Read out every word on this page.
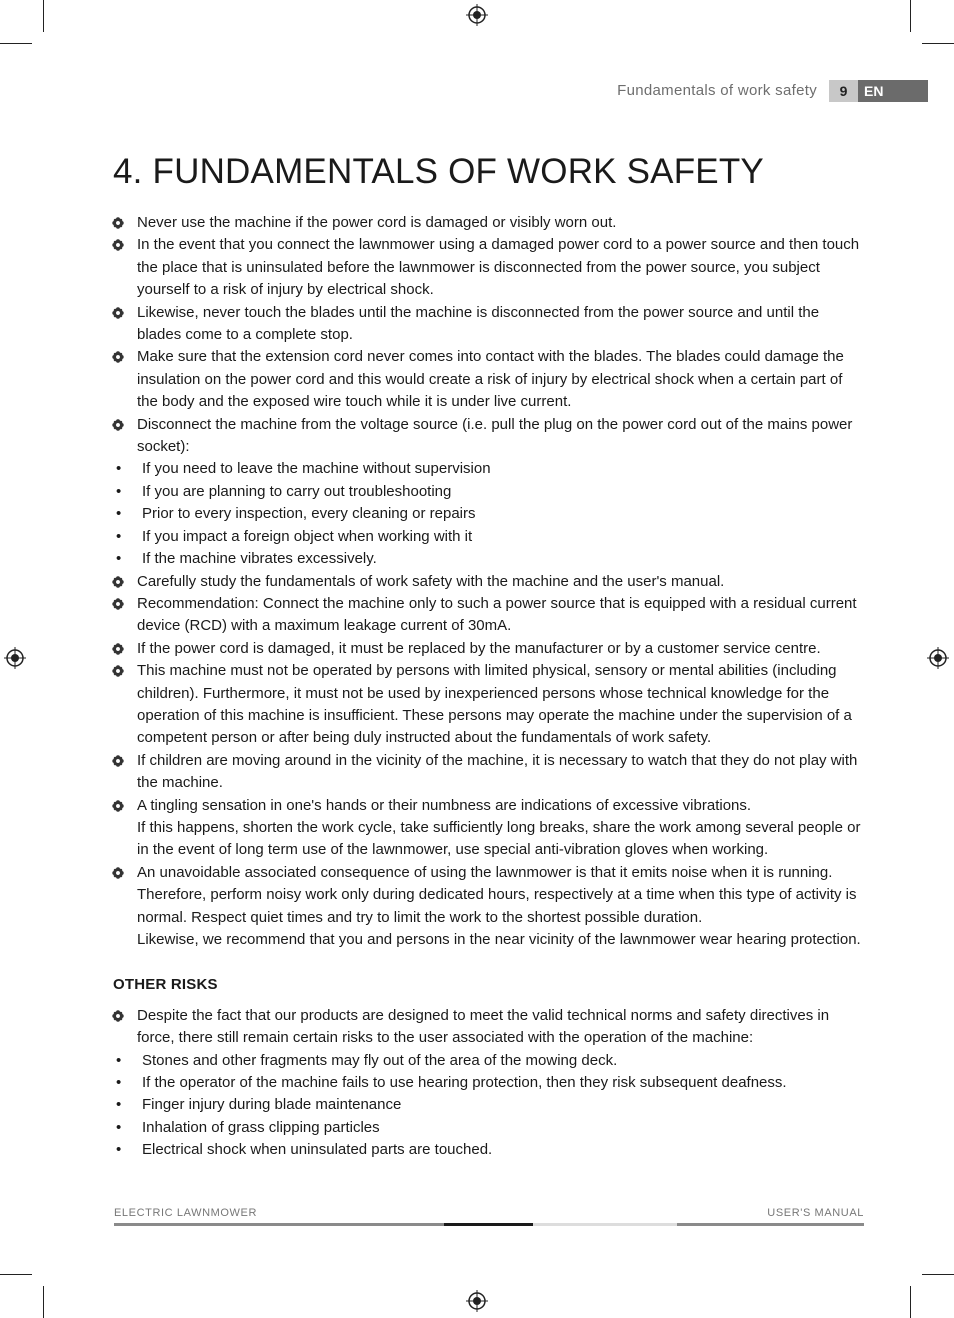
Fundamentals of work safety	9	EN
4. FUNDAMENTALS OF WORK SAFETY
Never use the machine if the power cord is damaged or visibly worn out.
In the event that you connect the lawnmower using a damaged power cord to a power source and then touch the place that is uninsulated before the lawnmower is disconnected from the power source, you subject yourself to a risk of injury by electrical shock.
Likewise, never touch the blades until the machine is disconnected from the power source and until the blades come to a complete stop.
Make sure that the extension cord never comes into contact with the blades. The blades could damage the insulation on the power cord and this would create a risk of injury by electrical shock when a certain part of the body and the exposed wire touch while it is under live current.
Disconnect the machine from the voltage source (i.e. pull the plug on the power cord out of the mains power socket):
• If you need to leave the machine without supervision
• If you are planning to carry out troubleshooting
• Prior to every inspection, every cleaning or repairs
• If you impact a foreign object when working with it
• If the machine vibrates excessively.
Carefully study the fundamentals of work safety with the machine and the user's manual.
Recommendation: Connect the machine only to such a power source that is equipped with a residual current device (RCD) with a maximum leakage current of 30mA.
If the power cord is damaged, it must be replaced by the manufacturer or by a customer service centre.
This machine must not be operated by persons with limited physical, sensory or mental abilities (including children). Furthermore, it must not be used by inexperienced persons whose technical knowledge for the operation of this machine is insufficient. These persons may operate the machine under the supervision of a competent person or after being duly instructed about the fundamentals of work safety.
If children are moving around in the vicinity of the machine, it is necessary to watch that they do not play with the machine.
A tingling sensation in one's hands or their numbness are indications of excessive vibrations.
If this happens, shorten the work cycle, take sufficiently long breaks, share the work among several people or in the event of long term use of the lawnmower, use special anti-vibration gloves when working.
An unavoidable associated consequence of using the lawnmower is that it emits noise when it is running. Therefore, perform noisy work only during dedicated hours, respectively at a time when this type of activity is normal. Respect quiet times and try to limit the work to the shortest possible duration.
Likewise, we recommend that you and persons in the near vicinity of the lawnmower wear hearing protection.
OTHER RISKS
Despite the fact that our products are designed to meet the valid technical norms and safety directives in force, there still remain certain risks to the user associated with the operation of the machine:
• Stones and other fragments may fly out of the area of the mowing deck.
• If the operator of the machine fails to use hearing protection, then they risk subsequent deafness.
• Finger injury during blade maintenance
• Inhalation of grass clipping particles
• Electrical shock when uninsulated parts are touched.
ELECTRIC LAWNMOWER	USER'S MANUAL
